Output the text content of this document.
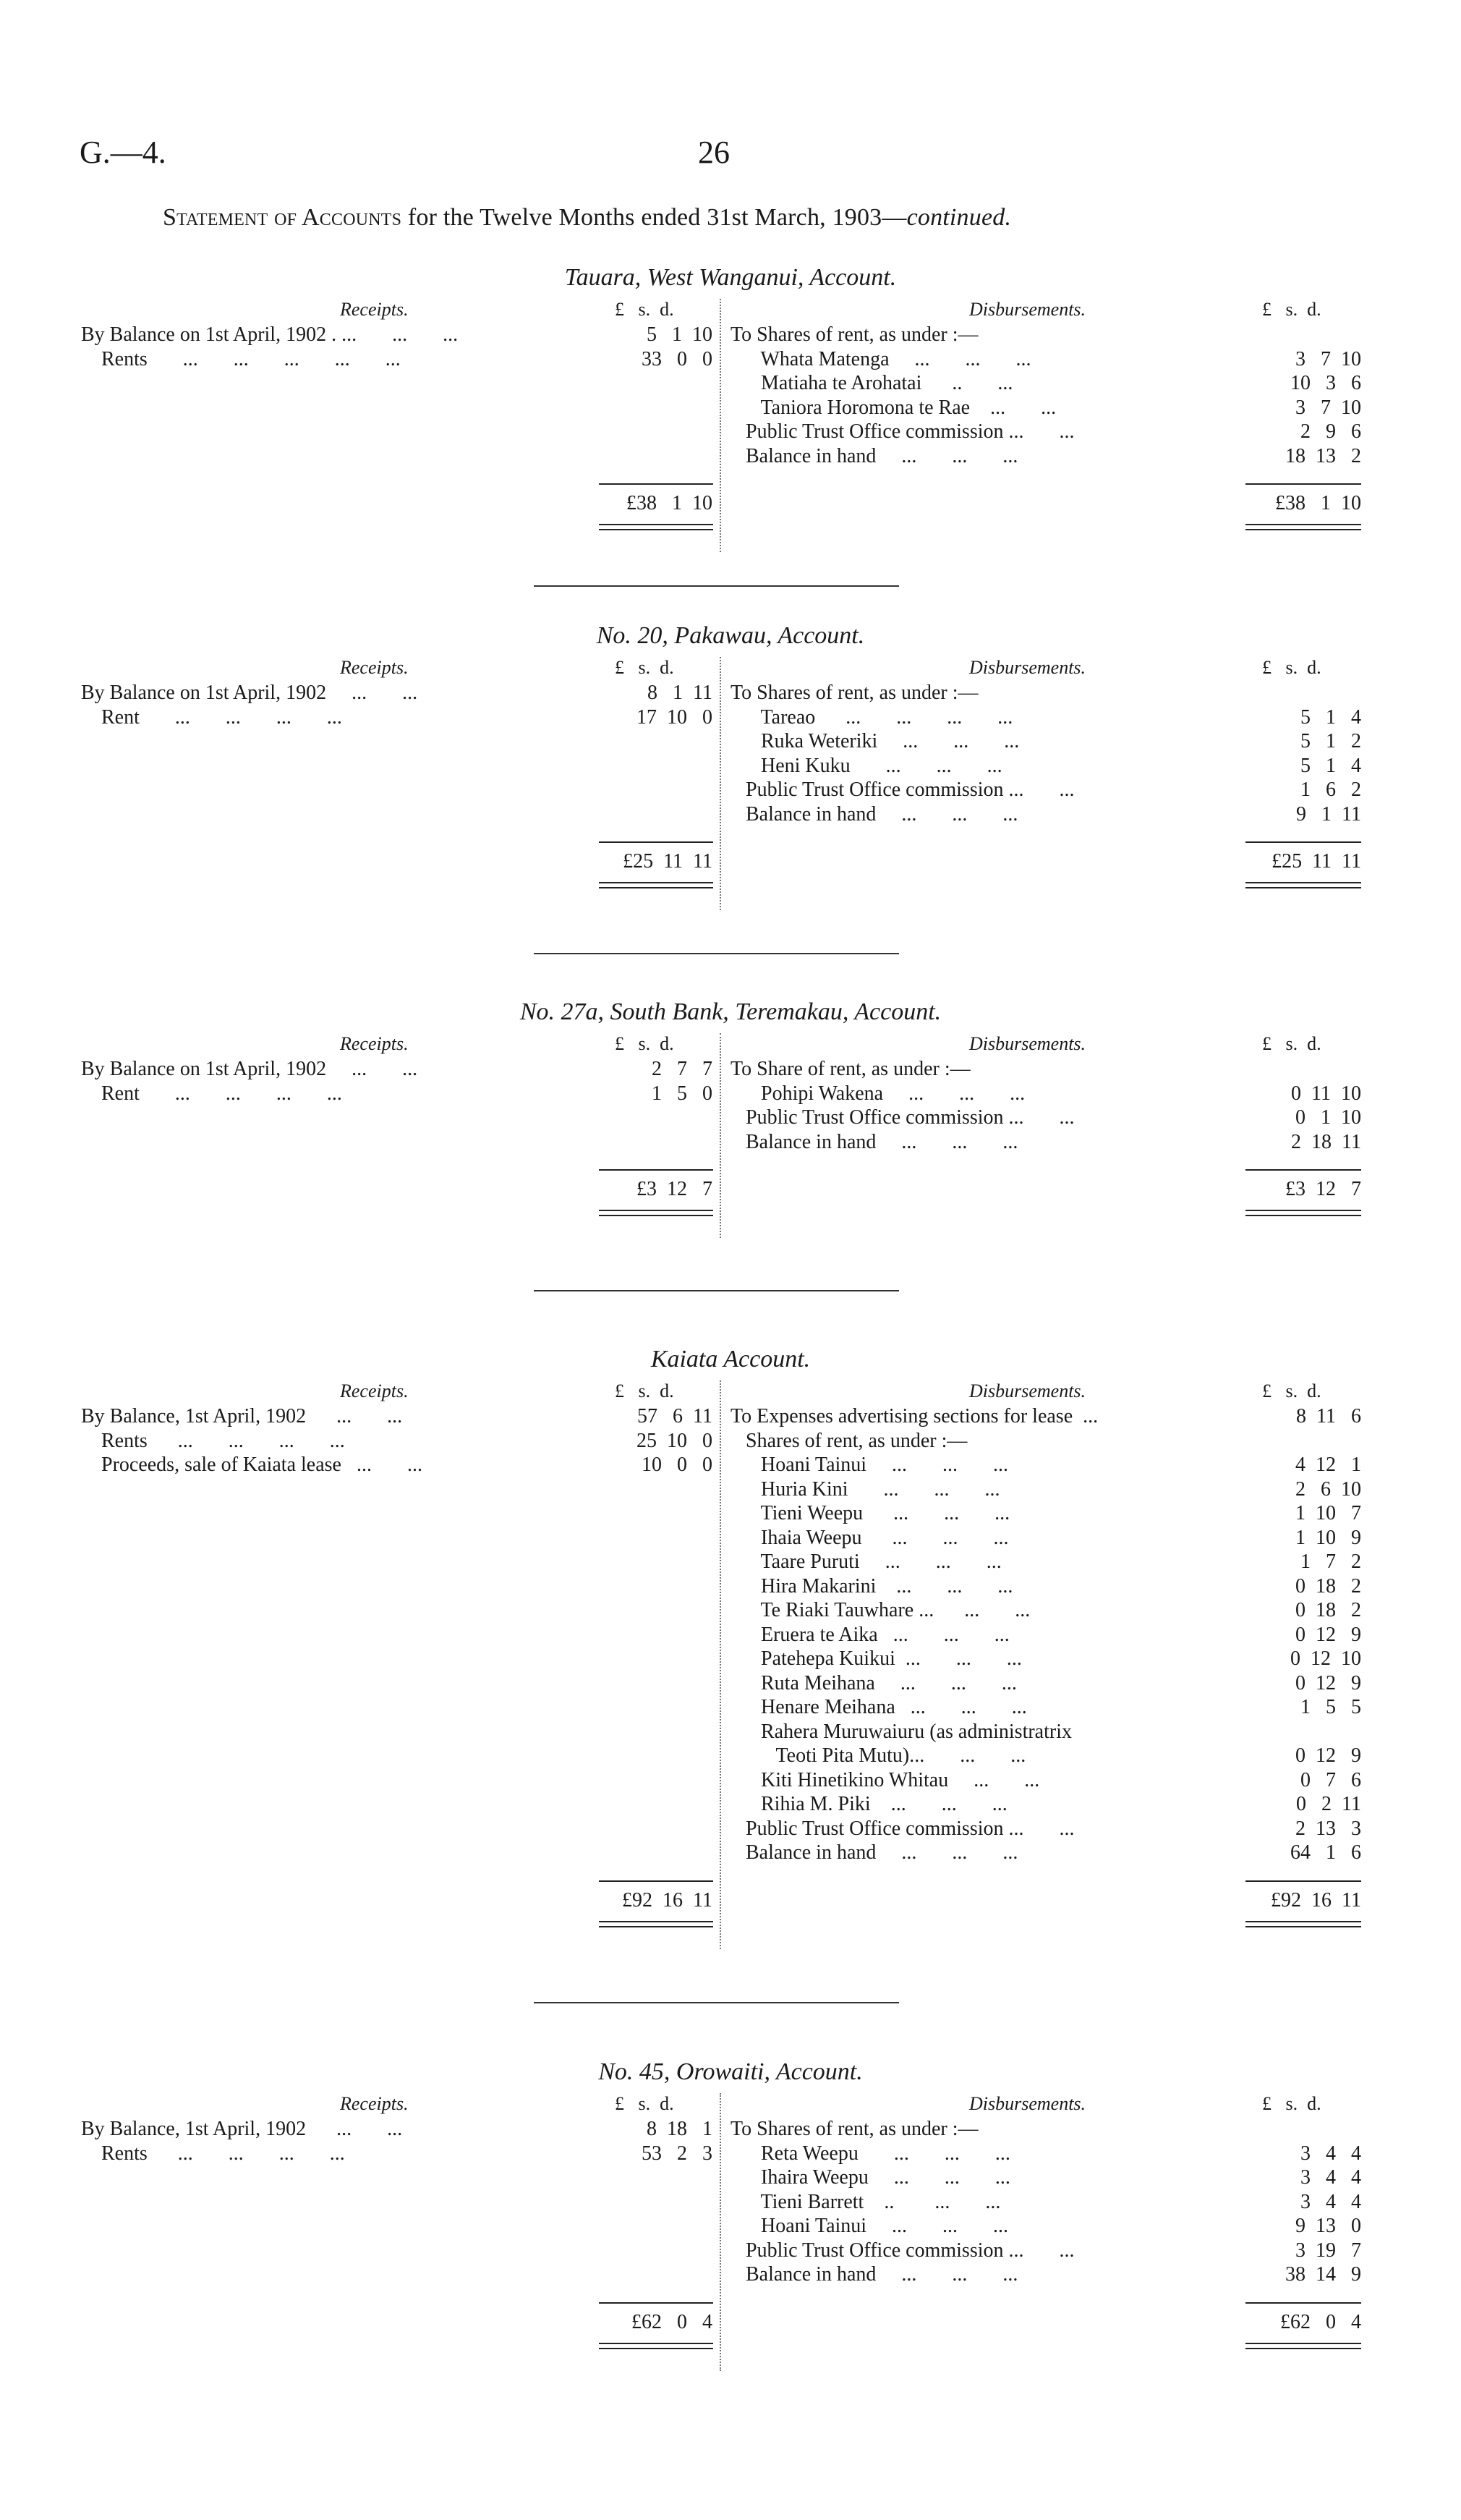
G.—4.	26
Statement of Accounts for the Twelve Months ended 31st March, 1903—continued.
Tauara, West Wanganui, Account.
Receipts.	£   s.  d.	Disbursements.	£   s.  d.
By Balance on 1st April, 1902 . ...       ...       ...	5   1  10
Rents       ...       ...       ...       ...       ...	33   0   0
To Shares of rent, as under :—
Whata Matenga     ...       ...       ...	3   7  10
Matiaha te Arohatai      ..       ...	10   3   6
Taniora Horomona te Rae    ...       ...	3   7  10
Public Trust Office commission ...       ...	2   9   6
Balance in hand     ...       ...       ...	18  13   2
£38   1  10	£38   1  10
No. 20, Pakawau, Account.
Receipts.	£   s.  d.	Disbursements.	£   s.  d.
By Balance on 1st April, 1902     ...       ...	8   1  11
Rent       ...       ...       ...       ...	17  10   0
To Shares of rent, as under :—
Tareao      ...       ...       ...       ...	5   1   4
Ruka Weteriki     ...       ...       ...	5   1   2
Heni Kuku       ...       ...       ...	5   1   4
Public Trust Office commission ...       ...	1   6   2
Balance in hand     ...       ...       ...	9   1  11
£25  11  11	£25  11  11
No. 27a, South Bank, Teremakau, Account.
Receipts.	£   s.  d.	Disbursements.	£   s.  d.
By Balance on 1st April, 1902     ...       ...	2   7   7
Rent       ...       ...       ...       ...	1   5   0
To Share of rent, as under :—
Pohipi Wakena     ...       ...       ...	0  11  10
Public Trust Office commission ...       ...	0   1  10
Balance in hand     ...       ...       ...	2  18  11
£3  12   7	£3  12   7
Kaiata Account.
Receipts.	£   s.  d.	Disbursements.	£   s.  d.
By Balance, 1st April, 1902      ...       ...	57   6  11
Rents      ...       ...       ...       ...	25  10   0
Proceeds, sale of Kaiata lease   ...       ...	10   0   0
To Expenses advertising sections for lease  ...	8  11   6
Shares of rent, as under :—
Hoani Tainui     ...       ...       ...	4  12   1
Huria Kini       ...       ...       ...	2   6  10
Tieni Weepu      ...       ...       ...	1  10   7
Ihaia Weepu      ...       ...       ...	1  10   9
Taare Puruti     ...       ...       ...	1   7   2
Hira Makarini    ...       ...       ...	0  18   2
Te Riaki Tauwhare ...      ...       ...	0  18   2
Eruera te Aika   ...       ...       ...	0  12   9
Patehepa Kuikui  ...       ...       ...	0  12  10
Ruta Meihana     ...       ...       ...	0  12   9
Henare Meihana   ...       ...       ...	1   5   5
Rahera Muruwaiuru (as administratrix
Teoti Pita Mutu)...       ...       ...	0  12   9
Kiti Hinetikino Whitau     ...       ...	0   7   6
Rihia M. Piki    ...       ...       ...	0   2  11
Public Trust Office commission ...       ...	2  13   3
Balance in hand     ...       ...       ...	64   1   6
£92  16  11	£92  16  11
No. 45, Orowaiti, Account.
Receipts.	£   s.  d.	Disbursements.	£   s.  d.
By Balance, 1st April, 1902      ...       ...	8  18   1
Rents      ...       ...       ...       ...	53   2   3
To Shares of rent, as under :—
Reta Weepu       ...       ...       ...	3   4   4
Ihaira Weepu     ...       ...       ...	3   4   4
Tieni Barrett    ..        ...       ...	3   4   4
Hoani Tainui     ...       ...       ...	9  13   0
Public Trust Office commission ...       ...	3  19   7
Balance in hand     ...       ...       ...	38  14   9
£62   0   4	£62   0   4
